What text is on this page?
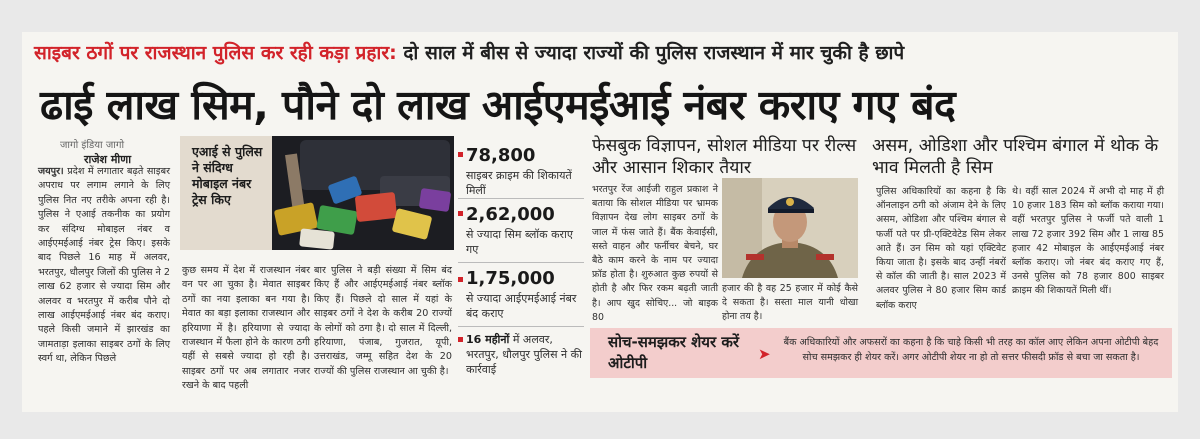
साइबर ठगों पर राजस्थान पुलिस कर रही कड़ा प्रहार: दो साल में बीस से ज्यादा राज्यों की पुलिस राजस्थान में मार चुकी है छापे
ढाई लाख सिम, पौने दो लाख आईएमईआई नंबर कराए गए बंद
जागो इंडिया जागो
राजेश मीणा
जयपुर। प्रदेश में लगातार बढ़ते साइबर अपराध पर लगाम लगाने के लिए पुलिस नित नए तरीके अपना रही है। पुलिस ने एआई तकनीक का प्रयोग कर संदिग्ध मोबाइल नंबर व आईएमईआई नंबर ट्रेस किए। इसके बाद पिछले 16 माह में अलवर, भरतपुर, धौलपुर जिलों की पुलिस ने 2 लाख 62 हजार से ज्यादा सिम और अलवर व भरतपुर में करीब पौने दो लाख आईएमईआई नंबर बंद कराए। पहले किसी जमाने में झारखंड का जामताड़ा इलाका साइबर ठगों के लिए स्वर्ग था, लेकिन पिछले
एआई से पुलिस ने संदिग्ध मोबाइल नंबर ट्रेस किए
कुछ समय में देश में राजस्थान नंबर वन पर आ चुका है। मेवात साइबर ठगों का नया इलाका बन गया है। मेवात का बड़ा इलाका राजस्थान और हरियाणा में है। हरियाणा से ज्यादा राजस्थान में फैला होने के कारण ठगी यहीं से सबसे ज्यादा हो रही है। साइबर ठगों पर अब लगातार नजर रखने के बाद पहली
बार पुलिस ने बड़ी संख्या में सिम बंद किए हैं और आईएमईआई नंबर ब्लॉक किए हैं। पिछले दो साल में यहां के साइबर ठगों ने देश के करीब 20 राज्यों के लोगों को ठगा है। दो साल में दिल्ली, हरियाणा, पंजाब, गुजरात, यूपी, उत्तराखंड, जम्मू सहित देश के 20 राज्यों की पुलिस राजस्थान आ चुकी है।
78,800
साइबर क्राइम की शिकायतें मिलीं
2,62,000
से ज्यादा सिम ब्लॉक कराए गए
1,75,000
से ज्यादा आईएमईआई नंबर बंद कराए
16 महीनों में अलवर, भरतपुर, धौलपुर पुलिस ने की कार्रवाई
फेसबुक विज्ञापन, सोशल मीडिया पर रील्स और आसान शिकार तैयार
भरतपुर रेंज आईजी राहुल प्रकाश ने बताया कि सोशल मीडिया पर भ्रामक विज्ञापन देख लोग साइबर ठगों के जाल में फंस जाते हैं। बैंक केवाईसी, सस्ते वाहन और फर्नीचर बेचने, घर बैठे काम करने के नाम पर ज्यादा फ्रॉड होता है। शुरुआत कुछ रुपयों से होती है और फिर रकम बढ़ती जाती है। आप खुद सोचिए... जो बाइक 80
हजार की है वह 25 हजार में कोई कैसे दे सकता है। सस्ता माल यानी धोखा होना तय है।
असम, ओडिशा और पश्चिम बंगाल में थोक के भाव मिलती है सिम
पुलिस अधिकारियों का कहना है कि ऑनलाइन ठगी को अंजाम देने के लिए असम, ओडिशा और पश्चिम बंगाल से फर्जी पते पर प्री-एक्टिवेटेड सिम लेकर आते हैं। उन सिम को यहां एक्टिवेट किया जाता है। इसके बाद उन्हीं नंबरों से कॉल की जाती है। साल 2023 में अलवर पुलिस ने 80 हजार सिम कार्ड ब्लॉक कराए
थे। वहीं साल 2024 में अभी दो माह में ही 10 हजार 183 सिम को ब्लॉक कराया गया। वहीं भरतपुर पुलिस ने फर्जी पते वाली 1 लाख 72 हजार 392 सिम और 1 लाख 85 हजार 42 मोबाइल के आईएमईआई नंबर ब्लॉक कराए। जो नंबर बंद कराए गए हैं, उनसे पुलिस को 78 हजार 800 साइबर क्राइम की शिकायतें मिली थीं।
सोच-समझकर शेयर करें ओटीपी	➤
बैंक अधिकारियों और अफसरों का कहना है कि चाहे किसी भी तरह का कॉल आए लेकिन अपना ओटीपी बेहद सोच समझकर ही शेयर करें। अगर ओटीपी शेयर ना हो तो सत्तर फीसदी फ्रॉड से बचा जा सकता है।
